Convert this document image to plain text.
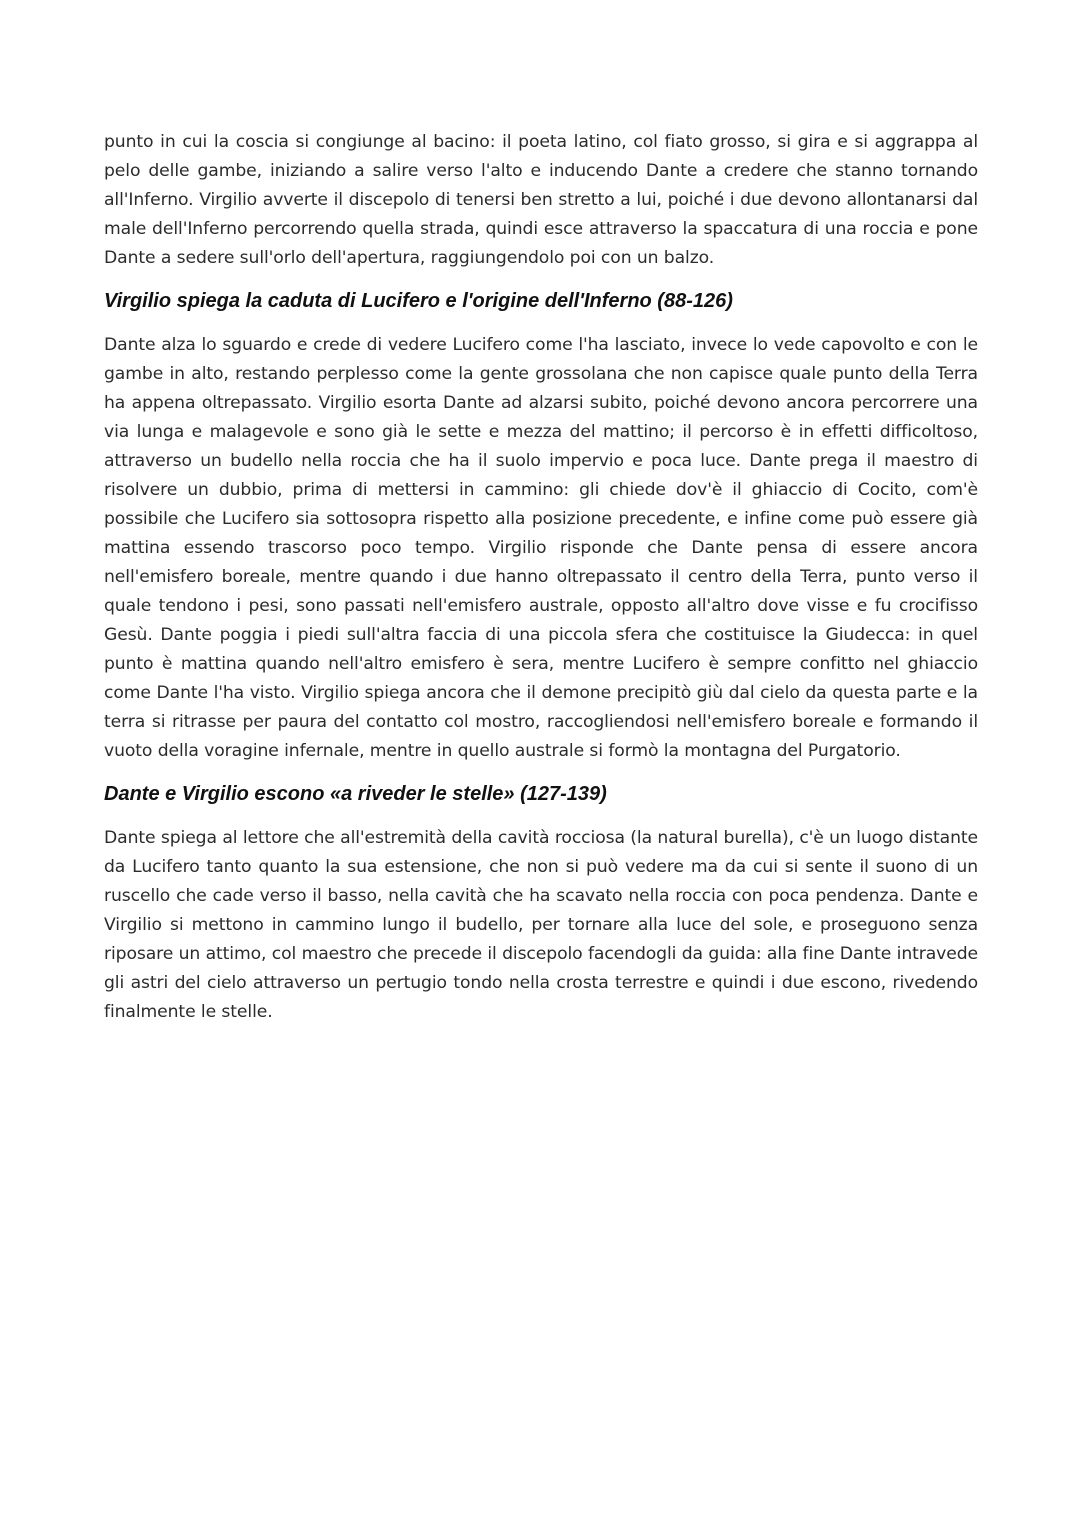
punto in cui la coscia si congiunge al bacino: il poeta latino, col fiato grosso, si gira e si aggrappa al pelo delle gambe, iniziando a salire verso l'alto e inducendo Dante a credere che stanno tornando all'Inferno. Virgilio avverte il discepolo di tenersi ben stretto a lui, poiché i due devono allontanarsi dal male dell'Inferno percorrendo quella strada, quindi esce attraverso la spaccatura di una roccia e pone Dante a sedere sull'orlo dell'apertura, raggiungendolo poi con un balzo.

Virgilio spiega la caduta di Lucifero e l'origine dell'Inferno (88-126)

Dante alza lo sguardo e crede di vedere Lucifero come l'ha lasciato, invece lo vede capovolto e con le gambe in alto, restando perplesso come la gente grossolana che non capisce quale punto della Terra ha appena oltrepassato. Virgilio esorta Dante ad alzarsi subito, poiché devono ancora percorrere una via lunga e malagevole e sono già le sette e mezza del mattino; il percorso è in effetti difficoltoso, attraverso un budello nella roccia che ha il suolo impervio e poca luce. Dante prega il maestro di risolvere un dubbio, prima di mettersi in cammino: gli chiede dov'è il ghiaccio di Cocito, com'è possibile che Lucifero sia sottosopra rispetto alla posizione precedente, e infine come può essere già mattina essendo trascorso poco tempo. Virgilio risponde che Dante pensa di essere ancora nell'emisfero boreale, mentre quando i due hanno oltrepassato il centro della Terra, punto verso il quale tendono i pesi, sono passati nell'emisfero australe, opposto all'altro dove visse e fu crocifisso Gesù. Dante poggia i piedi sull'altra faccia di una piccola sfera che costituisce la Giudecca: in quel punto è mattina quando nell'altro emisfero è sera, mentre Lucifero è sempre confitto nel ghiaccio come Dante l'ha visto. Virgilio spiega ancora che il demone precipitò giù dal cielo da questa parte e la terra si ritrasse per paura del contatto col mostro, raccogliendosi nell'emisfero boreale e formando il vuoto della voragine infernale, mentre in quello australe si formò la montagna del Purgatorio.

Dante e Virgilio escono «a riveder le stelle» (127-139)

Dante spiega al lettore che all'estremità della cavità rocciosa (la natural burella), c'è un luogo distante da Lucifero tanto quanto la sua estensione, che non si può vedere ma da cui si sente il suono di un ruscello che cade verso il basso, nella cavità che ha scavato nella roccia con poca pendenza. Dante e Virgilio si mettono in cammino lungo il budello, per tornare alla luce del sole, e proseguono senza riposare un attimo, col maestro che precede il discepolo facendogli da guida: alla fine Dante intravede gli astri del cielo attraverso un pertugio tondo nella crosta terrestre e quindi i due escono, rivedendo finalmente le stelle.
